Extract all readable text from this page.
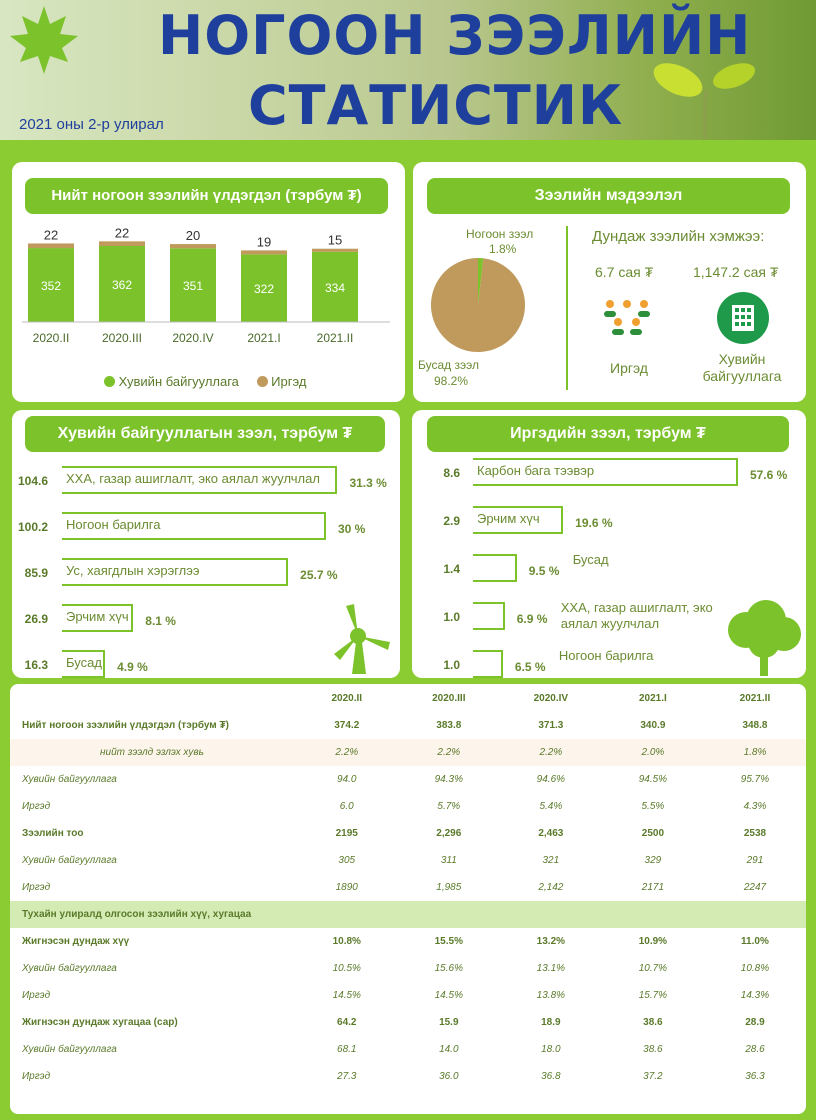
НОГООН ЗЭЭЛИЙН
СТАТИСТИК
2021 оны 2-р улирал
Нийт ногоон зээлийн үлдэгдэл (тэрбум ₮)
352
22
2020.II
362
22
2020.III
351
20
2020.IV
322
19
2021.I
334
15
2021.II
Хувийн байгууллага Иргэд
Зээлийн мэдээлэл
Ногоон зээл
1.8%
Бусад зээл
98.2%
Дундаж зээлийн хэмжээ:
6.7 сая ₮	1,147.2 сая ₮
Иргэд
Хувийн байгууллага
Хувийн байгууллагын зээл, тэрбум ₮
104.6 ХХА, газар ашиглалт, эко аялал жуулчлал 31.3 %
100.2 Ногоон барилга	30 %
85.9 Ус, хаягдлын хэрэглээ	25.7 %
26.9 Эрчим хүч 8.1 %
16.3 Бусад 4.9 %
Иргэдийн зээл, тэрбум ₮
8.6 Карбон бага тээвэр	57.6 %
2.9 Эрчим хүч	19.6 %
1.4
Бусад
9.5 %
1.0
ХХА, газар ашиглалт, эко аялал жуулчлал
6.9 %
1.0
Ногоон барилга
6.5 %
	2020.II	2020.III	2020.IV	2021.I	2021.II
Нийт ногоон зээлийн үлдэгдэл (тэрбум ₮)	374.2	383.8	371.3	340.9	348.8
нийт зээлд эзлэх хувь	2.2%	2.2%	2.2%	2.0%	1.8%
Хувийн байгууллага	94.0	94.3%	94.6%	94.5%	95.7%
Иргэд	6.0	5.7%	5.4%	5.5%	4.3%
Зээлийн тоо	2195	2,296	2,463	2500	2538
Хувийн байгууллага	305	311	321	329	291
Иргэд	1890	1,985	2,142	2171	2247
Тухайн улиралд олгосон зээлийн хүү, хугацаа					
Жигнэсэн дундаж хүү	10.8%	15.5%	13.2%	10.9%	11.0%
Хувийн байгууллага	10.5%	15.6%	13.1%	10.7%	10.8%
Иргэд	14.5%	14.5%	13.8%	15.7%	14.3%
Жигнэсэн дундаж хугацаа (сар)	64.2	15.9	18.9	38.6	28.9
Хувийн байгууллага	68.1	14.0	18.0	38.6	28.6
Иргэд	27.3	36.0	36.8	37.2	36.3
